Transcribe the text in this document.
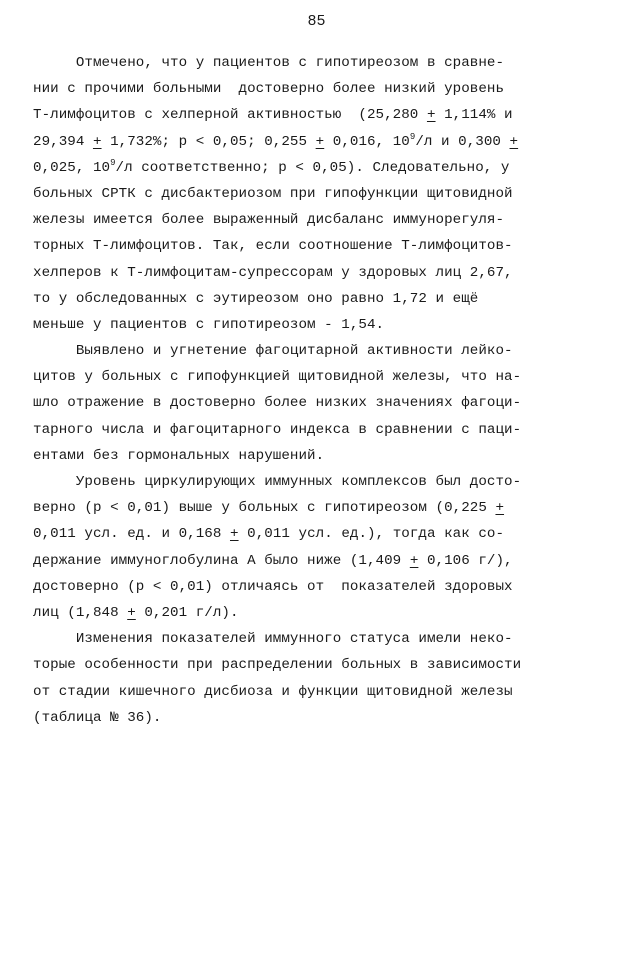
85
Отмечено, что у пациентов с гипотиреозом в сравне-
нии с прочими больными  достоверно более низкий уровень
Т-лимфоцитов с хелперной активностью  (25,280 + 1,114% и
29,394 + 1,732%; р < 0,05; 0,255 + 0,016, $10^9/л$ и 0,300 +
0,025, $10^9/л$ соответственно; р < 0,05). Следовательно, у
больных СРТК с дисбактериозом при гипофункции щитовидной
железы имеется более выраженный дисбаланс иммунорегуля-
торных Т-лимфоцитов. Так, если соотношение Т-лимфоцитов-
хелперов к Т-лимфоцитам-супрессорам у здоровых лиц 2,67,
то у обследованных с эутиреозом оно равно 1,72 и ещё
меньше у пациентов с гипотиреозом - 1,54.
Выявлено и угнетение фагоцитарной активности лейко-
цитов у больных с гипофункцией щитовидной железы, что на-
шло отражение в достоверно более низких значениях фагоци-
тарного числа и фагоцитарного индекса в сравнении с паци-
ентами без гормональных нарушений.
Уровень циркулирующих иммунных комплексов был досто-
верно (р < 0,01) выше у больных с гипотиреозом (0,225 +
0,011 усл. ед. и 0,168 + 0,011 усл. ед.), тогда как со-
держание иммуноглобулина А было ниже (1,409 + 0,106 г/),
достоверно (р < 0,01) отличаясь от  показателей здоровых
лиц (1,848 + 0,201 г/л).
Изменения показателей иммунного статуса имели неко-
торые особенности при распределении больных в зависимости
от стадии кишечного дисбиоза и функции щитовидной железы
(таблица № 36).
